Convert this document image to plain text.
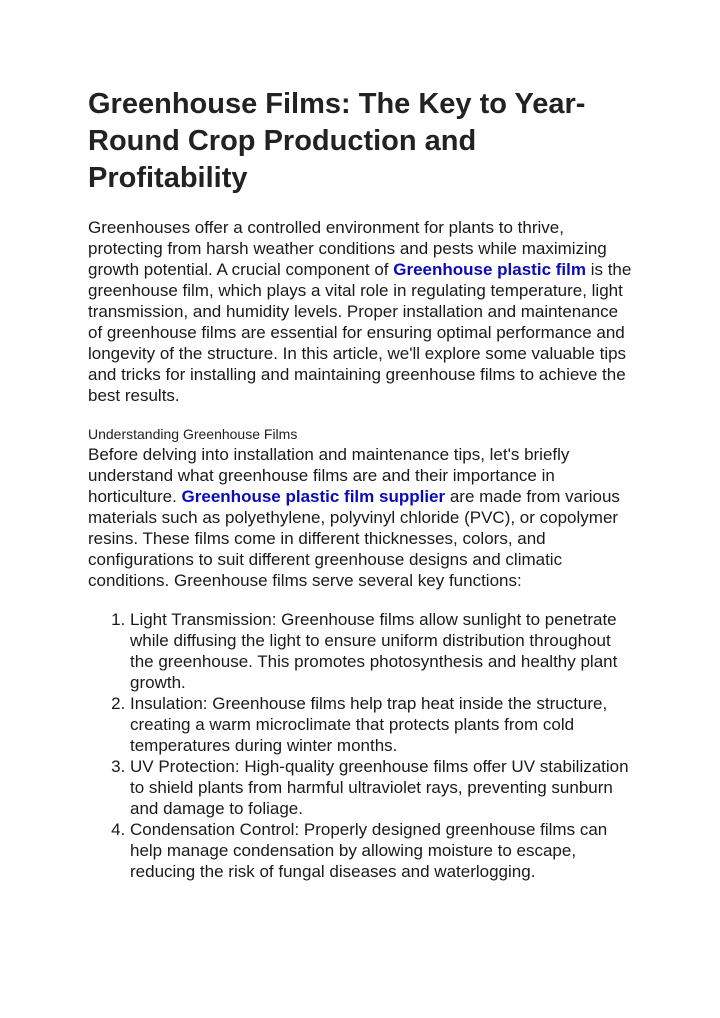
Greenhouse Films: The Key to Year-Round Crop Production and Profitability

Greenhouses offer a controlled environment for plants to thrive, protecting from harsh weather conditions and pests while maximizing growth potential. A crucial component of Greenhouse plastic film is the greenhouse film, which plays a vital role in regulating temperature, light transmission, and humidity levels. Proper installation and maintenance of greenhouse films are essential for ensuring optimal performance and longevity of the structure. In this article, we'll explore some valuable tips and tricks for installing and maintaining greenhouse films to achieve the best results.

Understanding Greenhouse Films

Before delving into installation and maintenance tips, let's briefly understand what greenhouse films are and their importance in horticulture. Greenhouse plastic film supplier are made from various materials such as polyethylene, polyvinyl chloride (PVC), or copolymer resins. These films come in different thicknesses, colors, and configurations to suit different greenhouse designs and climatic conditions. Greenhouse films serve several key functions:

1. Light Transmission: Greenhouse films allow sunlight to penetrate while diffusing the light to ensure uniform distribution throughout the greenhouse. This promotes photosynthesis and healthy plant growth.
2. Insulation: Greenhouse films help trap heat inside the structure, creating a warm microclimate that protects plants from cold temperatures during winter months.
3. UV Protection: High-quality greenhouse films offer UV stabilization to shield plants from harmful ultraviolet rays, preventing sunburn and damage to foliage.
4. Condensation Control: Properly designed greenhouse films can help manage condensation by allowing moisture to escape, reducing the risk of fungal diseases and waterlogging.
